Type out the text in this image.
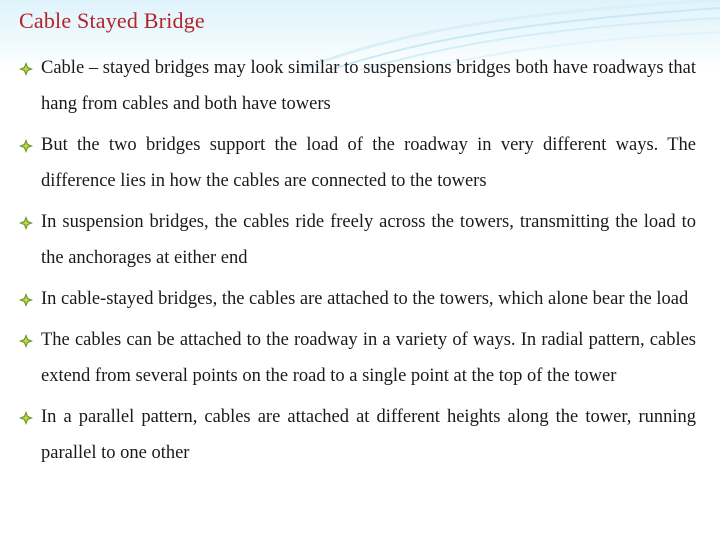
Cable Stayed Bridge
Cable – stayed bridges may look similar to suspensions bridges both have roadways that hang from cables and both have towers
But the two bridges support the load of the roadway in very different ways. The difference lies in how the cables are connected to the towers
In suspension bridges, the cables ride freely across the towers, transmitting the load to the anchorages at either end
In cable-stayed bridges, the cables are attached to the towers, which alone bear the load
The cables can be attached to the roadway in a variety of ways. In radial pattern, cables extend from several points on the road to a single point at the top of the tower
In a parallel pattern, cables are attached at different heights along the tower, running parallel to one other
